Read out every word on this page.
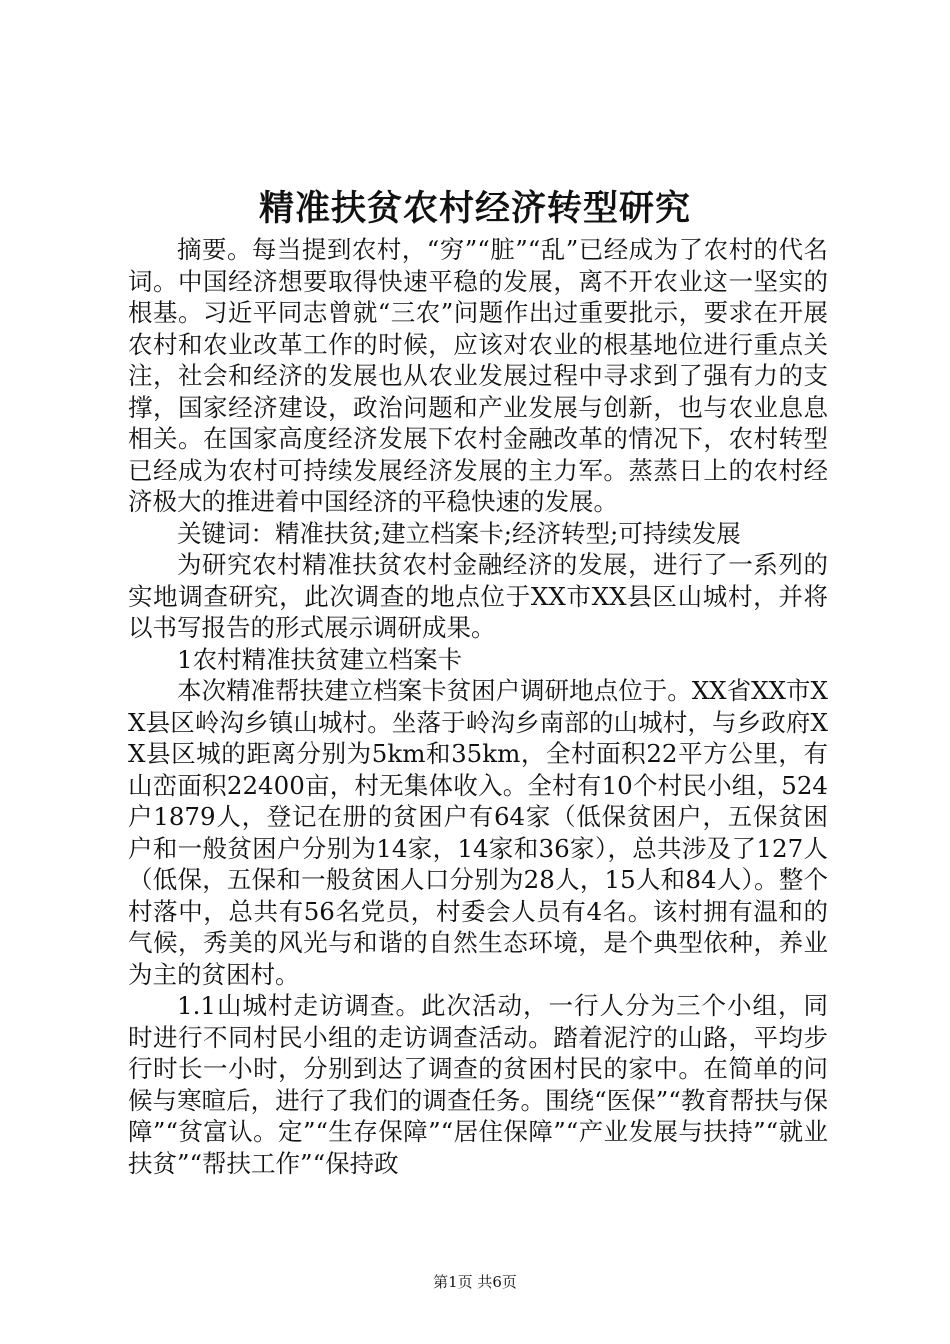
精准扶贫农村经济转型研究

摘要。每当提到农村，“穷”“脏”“乱”已经成为了农村的代名词。中国经济想要取得快速平稳的发展，离不开农业这一坚实的根基。习近平同志曾就“三农”问题作出过重要批示，要求在开展农村和农业改革工作的时候，应该对农业的根基地位进行重点关注，社会和经济的发展也从农业发展过程中寻求到了强有力的支撑，国家经济建设，政治问题和产业发展与创新，也与农业息息相关。在国家高度经济发展下农村金融改革的情况下，农村转型已经成为农村可持续发展经济发展的主力军。蒸蒸日上的农村经济极大的推进着中国经济的平稳快速的发展。

关键词：精准扶贫;建立档案卡;经济转型;可持续发展

为研究农村精准扶贫农村金融经济的发展，进行了一系列的实地调查研究，此次调查的地点位于XX市XX县区山城村，并将以书写报告的形式展示调研成果。

1农村精准扶贫建立档案卡

本次精准帮扶建立档案卡贫困户调研地点位于。XX省XX市XX县区岭沟乡镇山城村。坐落于岭沟乡南部的山城村，与乡政府XX县区城的距离分别为5km和35km，全村面积22平方公里，有山峦面积22400亩，村无集体收入。全村有10个村民小组，524户1879人，登记在册的贫困户有64家（低保贫困户，五保贫困户和一般贫困户分别为14家，14家和36家），总共涉及了127人（低保，五保和一般贫困人口分别为28人，15人和84人）。整个村落中，总共有56名党员，村委会人员有4名。该村拥有温和的气候，秀美的风光与和谐的自然生态环境，是个典型依种，养业为主的贫困村。

1.1山城村走访调查。此次活动，一行人分为三个小组，同时进行不同村民小组的走访调查活动。踏着泥泞的山路，平均步行时长一小时，分别到达了调查的贫困村民的家中。在简单的问候与寒暄后，进行了我们的调查任务。围绕“医保”“教育帮扶与保障”“贫富认。定”“生存保障”“居住保障”“产业发展与扶持”“就业扶贫”“帮扶工作”“保持政

第1页 共6页
